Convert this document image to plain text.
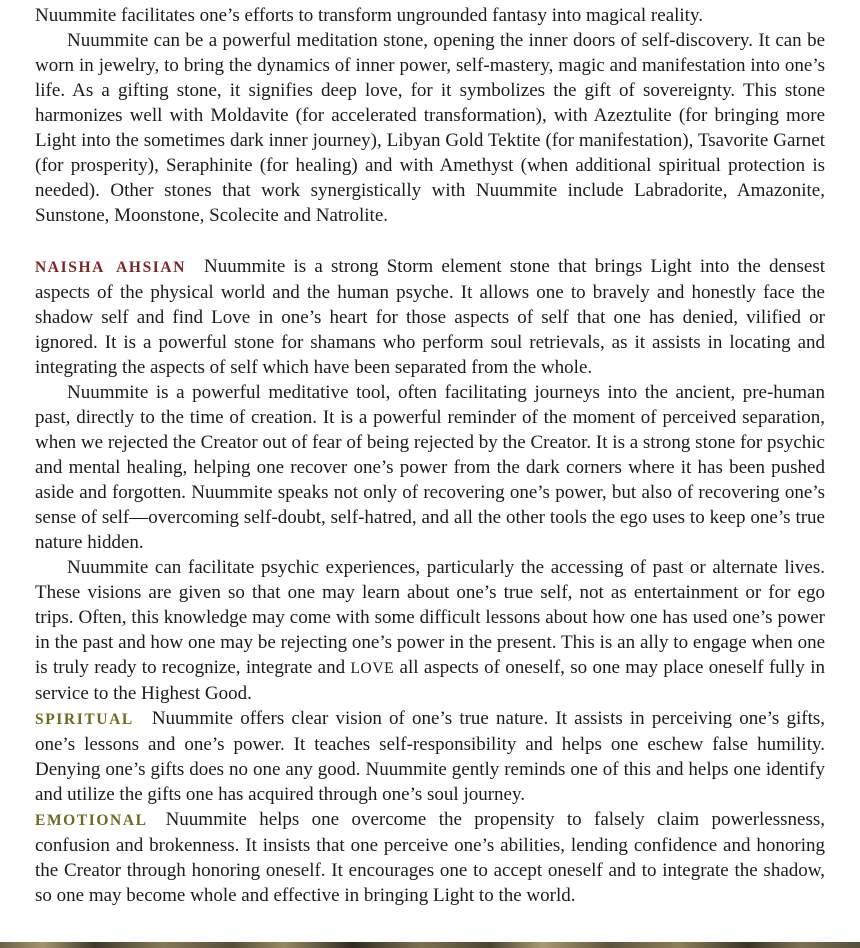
Nuummite facilitates one’s efforts to transform ungrounded fantasy into magical reality.

Nuummite can be a powerful meditation stone, opening the inner doors of self-discovery. It can be worn in jewelry, to bring the dynamics of inner power, self-mastery, magic and manifestation into one’s life. As a gifting stone, it signifies deep love, for it symbolizes the gift of sovereignty. This stone harmonizes well with Moldavite (for accelerated transformation), with Azeztulite (for bringing more Light into the sometimes dark inner journey), Libyan Gold Tektite (for manifestation), Tsavorite Garnet (for prosperity), Seraphinite (for healing) and with Amethyst (when additional spiritual protection is needed). Other stones that work synergistically with Nuummite include Labradorite, Amazonite, Sunstone, Moonstone, Scolecite and Natrolite.

NAISHA AHSIAN Nuummite is a strong Storm element stone that brings Light into the densest aspects of the physical world and the human psyche. It allows one to bravely and honestly face the shadow self and find Love in one’s heart for those aspects of self that one has denied, vilified or ignored. It is a powerful stone for shamans who perform soul retrievals, as it assists in locating and integrating the aspects of self which have been separated from the whole.

Nuummite is a powerful meditative tool, often facilitating journeys into the ancient, pre-human past, directly to the time of creation. It is a powerful reminder of the moment of perceived separation, when we rejected the Creator out of fear of being rejected by the Creator. It is a strong stone for psychic and mental healing, helping one recover one’s power from the dark corners where it has been pushed aside and forgotten. Nuummite speaks not only of recovering one’s power, but also of recovering one’s sense of self—overcoming self-doubt, self-hatred, and all the other tools the ego uses to keep one’s true nature hidden.

Nuummite can facilitate psychic experiences, particularly the accessing of past or alternate lives. These visions are given so that one may learn about one’s true self, not as entertainment or for ego trips. Often, this knowledge may come with some difficult lessons about how one has used one’s power in the past and how one may be rejecting one’s power in the present. This is an ally to engage when one is truly ready to recognize, integrate and LOVE all aspects of oneself, so one may place oneself fully in service to the Highest Good.

SPIRITUAL Nuummite offers clear vision of one’s true nature. It assists in perceiving one’s gifts, one’s lessons and one’s power. It teaches self-responsibility and helps one eschew false humility. Denying one’s gifts does no one any good. Nuummite gently reminds one of this and helps one identify and utilize the gifts one has acquired through one’s soul journey.

EMOTIONAL Nuummite helps one overcome the propensity to falsely claim powerlessness, confusion and brokenness. It insists that one perceive one’s abilities, lending confidence and honoring the Creator through honoring oneself. It encourages one to accept oneself and to integrate the shadow, so one may become whole and effective in bringing Light to the world.
